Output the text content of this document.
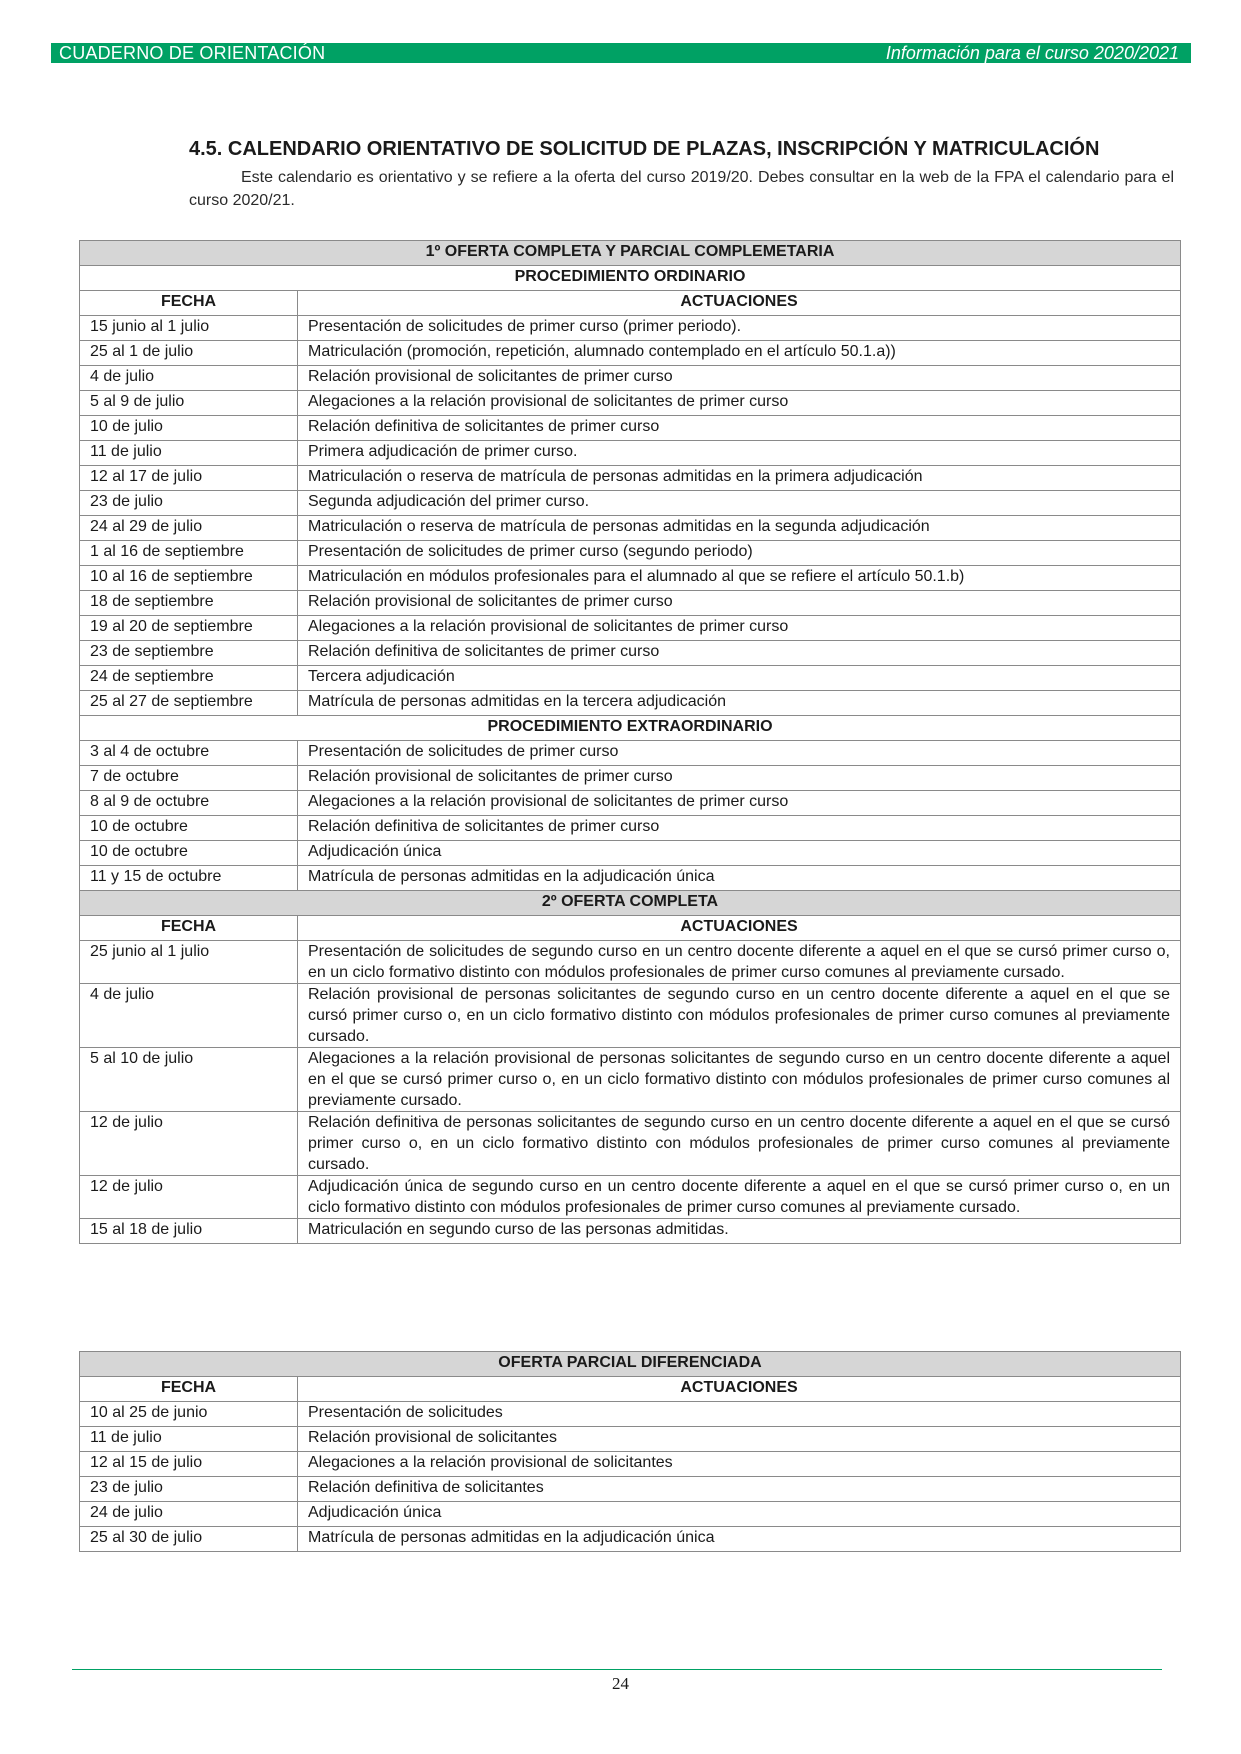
CUADERNO DE ORIENTACIÓN	Información para el curso 2020/2021
4.5. CALENDARIO ORIENTATIVO DE SOLICITUD DE PLAZAS, INSCRIPCIÓN Y MATRICULACIÓN
Este calendario es orientativo y se refiere a la oferta del curso 2019/20. Debes consultar en la web de la FPA el calendario para el curso 2020/21.
1º OFERTA COMPLETA Y PARCIAL COMPLEMETARIA	
PROCEDIMIENTO ORDINARIO	
FECHA	ACTUACIONES
15 junio al 1 julio	Presentación de solicitudes de primer curso (primer periodo).
25 al 1 de julio	Matriculación (promoción, repetición, alumnado contemplado en el artículo 50.1.a))
4 de julio	Relación provisional de solicitantes de primer curso
5 al 9 de julio	Alegaciones a la relación provisional de solicitantes de primer curso
10 de julio	Relación definitiva de solicitantes de primer curso
11 de julio	Primera adjudicación de primer curso.
12 al 17 de julio	Matriculación o reserva de matrícula de personas admitidas en la primera adjudicación
23 de julio	Segunda adjudicación del primer curso.
24 al 29 de julio	Matriculación o reserva de matrícula de personas admitidas en la segunda adjudicación
1 al 16 de septiembre	Presentación de solicitudes de primer curso (segundo periodo)
10 al 16 de septiembre	Matriculación en módulos profesionales para el alumnado al que se refiere el artículo 50.1.b)
18 de septiembre	Relación provisional de solicitantes de primer curso
19 al 20 de septiembre	Alegaciones a la relación provisional de solicitantes de primer curso
23 de septiembre	Relación definitiva de solicitantes de primer curso
24 de septiembre	Tercera adjudicación
25 al 27 de septiembre	Matrícula de personas admitidas en la tercera adjudicación
PROCEDIMIENTO EXTRAORDINARIO	
3 al 4 de octubre	Presentación de solicitudes de primer curso
7 de octubre	Relación provisional de solicitantes de primer curso
8 al 9 de octubre	Alegaciones a la relación provisional de solicitantes de primer curso
10 de octubre	Relación definitiva de solicitantes de primer curso
10 de octubre	Adjudicación única
11 y 15 de octubre	Matrícula de personas admitidas en la adjudicación única
2º OFERTA COMPLETA	
FECHA	ACTUACIONES
25 junio al 1 julio	Presentación de solicitudes de segundo curso en un centro docente diferente a aquel en el que se cursó primer curso o, en un ciclo formativo distinto con módulos profesionales de primer curso comunes al previamente cursado.
4 de julio	Relación provisional de personas solicitantes de segundo curso en un centro docente diferente a aquel en el que se cursó primer curso o, en un ciclo formativo distinto con módulos profesionales de primer curso comunes al previamente cursado.
5 al 10 de julio	Alegaciones a la relación provisional de personas solicitantes de segundo curso en un centro docente diferente a aquel en el que se cursó primer curso o, en un ciclo formativo distinto con módulos profesionales de primer curso comunes al previamente cursado.
12 de julio	Relación definitiva de personas solicitantes de segundo curso en un centro docente diferente a aquel en el que se cursó primer curso o, en un ciclo formativo distinto con módulos profesionales de primer curso comunes al previamente cursado.
12 de julio	Adjudicación única de segundo curso en un centro docente diferente a aquel en el que se cursó primer curso o, en un ciclo formativo distinto con módulos profesionales de primer curso comunes al previamente cursado.
15 al 18 de julio	Matriculación en segundo curso de las personas admitidas.
OFERTA PARCIAL DIFERENCIADA	
FECHA	ACTUACIONES
10 al 25 de junio	Presentación de solicitudes
11 de julio	Relación provisional de solicitantes
12 al 15 de julio	Alegaciones a la relación provisional de solicitantes
23 de julio	Relación definitiva de solicitantes
24 de julio	Adjudicación única
25 al 30 de julio	Matrícula de personas admitidas en la adjudicación única
24
